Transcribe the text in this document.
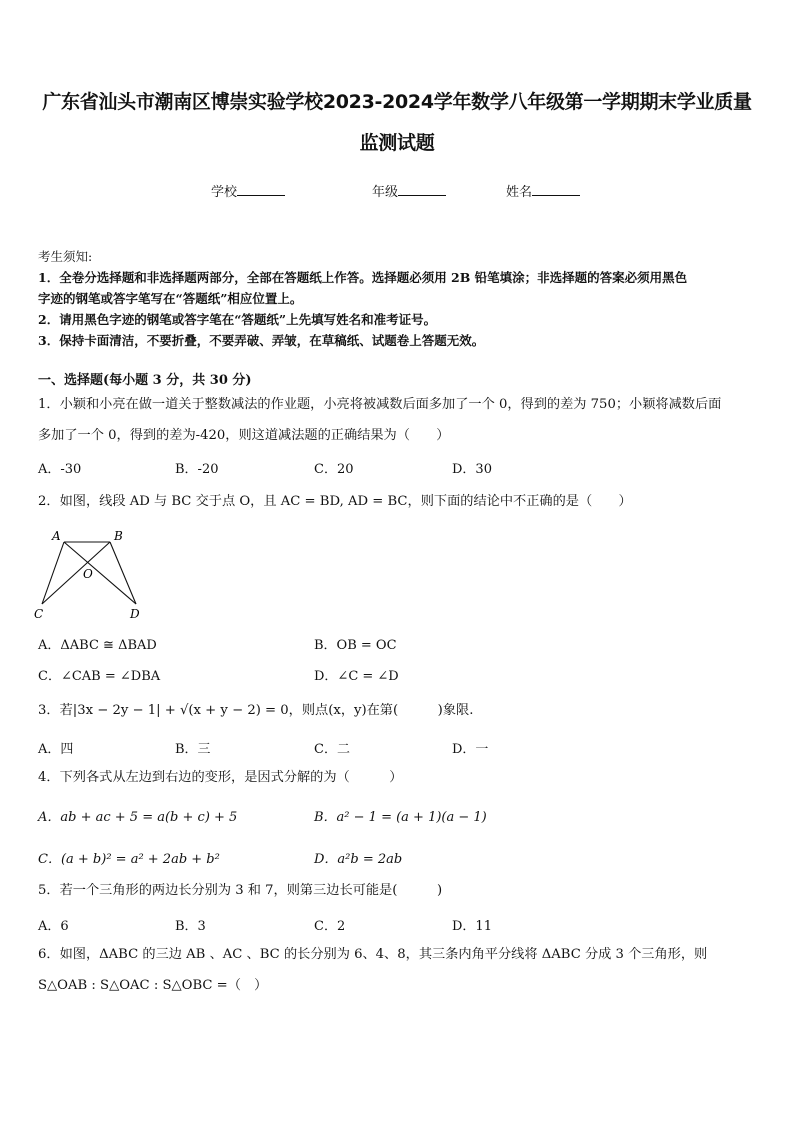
广东省汕头市潮南区博崇实验学校2023-2024学年数学八年级第一学期期末学业质量
监测试题
学校	年级	姓名
考生须知:
1．全卷分选择题和非选择题两部分，全部在答题纸上作答。选择题必须用 2B 铅笔填涂；非选择题的答案必须用黑色
字迹的钢笔或答字笔写在“答题纸”相应位置上。
2．请用黑色字迹的钢笔或答字笔在“答题纸”上先填写姓名和准考证号。
3．保持卡面清洁，不要折叠，不要弄破、弄皱，在草稿纸、试题卷上答题无效。
一、选择题(每小题 3 分，共 30 分)
1．小颖和小亮在做一道关于整数减法的作业题，小亮将被减数后面多加了一个 0，得到的差为 750；小颖将减数后面
多加了一个 0，得到的差为-420，则这道减法题的正确结果为（　　）
A．-30	B．-20	C．20	D．30
2．如图，线段 AD 与 BC 交于点 O，且 AC = BD, AD = BC，则下面的结论中不正确的是（　　）
A	B
O
C	D
A．ΔABC ≅ ΔBAD	B．OB = OC
C．∠CAB = ∠DBA	D．∠C = ∠D
3．若|3x − 2y − 1| + √(x + y − 2) = 0，则点(x，y)在第(　　　)象限.
A．四	B．三	C．二	D．一
4．下列各式从左边到右边的变形，是因式分解的为（　　　）
A．ab + ac + 5 = a(b + c) + 5	B．a² − 1 = (a + 1)(a − 1)
C．(a + b)² = a² + 2ab + b²	D．a²b = 2ab
5．若一个三角形的两边长分别为 3 和 7，则第三边长可能是(　　　)
A．6	B．3	C．2	D．11
6．如图，ΔABC 的三边 AB 、AC 、BC 的长分别为 6、4、8，其三条内角平分线将 ΔABC 分成 3 个三角形，则
S△OAB : S△OAC : S△OBC =（　）
